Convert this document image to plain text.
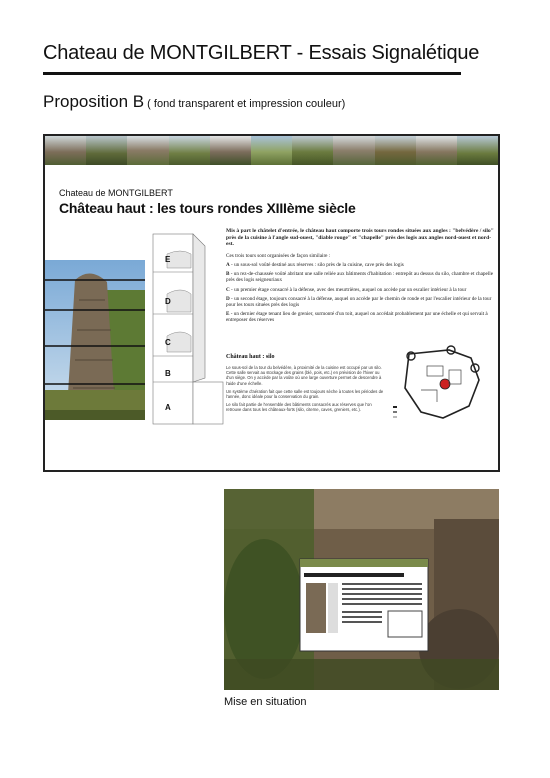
Chateau de MONTGILBERT - Essais Signalétique
Proposition B ( fond transparent et impression couleur)
Chateau de MONTGILBERT
Château haut : les tours rondes XIIIème siècle
E
D
C
B
A
Mis à part le châtelet d'entrée, le château haut comporte trois tours rondes situées aux angles : "belvédère / silo" près de la cuisine à l'angle sud-ouest, "diable rouge" et "chapelle" près des logis aux angles nord-ouest et nord-est.

Ces trois tours sont organisées de façon similaire :

A - un sous-sol voûté destiné aux réserves : silo près de la cuisine, cave près des logis

B - un rez-de-chaussée voûté abritant une salle reliée aux bâtiments d'habitation : entrepôt au dessus du silo, chambre et chapelle près des logis seigneuriaux

C - un premier étage consacré à la défense, avec des meurtrières, auquel on accède par un escalier intérieur à la tour

D - un second étage, toujours consacré à la défense, auquel on accède par le chemin de ronde et par l'escalier intérieur de la tour pour les tours situées près des logis

E - un dernier étage tenant lieu de grenier, surmonté d'un toit, auquel on accédait probablement par une échelle et qui servait à entreposer des réserves

Château haut : silo

Le sous-sol de la tour du belvédère, à proximité de la cuisine est occupé par un silo. Cette salle servait au stockage des grains (blé, pois, etc.) en prévision de l'hiver ou d'un siège. On y accède par la voûte où une large ouverture permet de descendre à l'aide d'une échelle.

Un système d'aération fait que cette salle est toujours sèche à toutes les périodes de l'année, donc idéale pour la conservation du grain.

Le silo fait partie de l'ensemble des bâtiments consacrés aux réserves que l'on retrouve dans tous les châteaux-forts (silo, citerne, caves, greniers, etc.).

Mise en situation
